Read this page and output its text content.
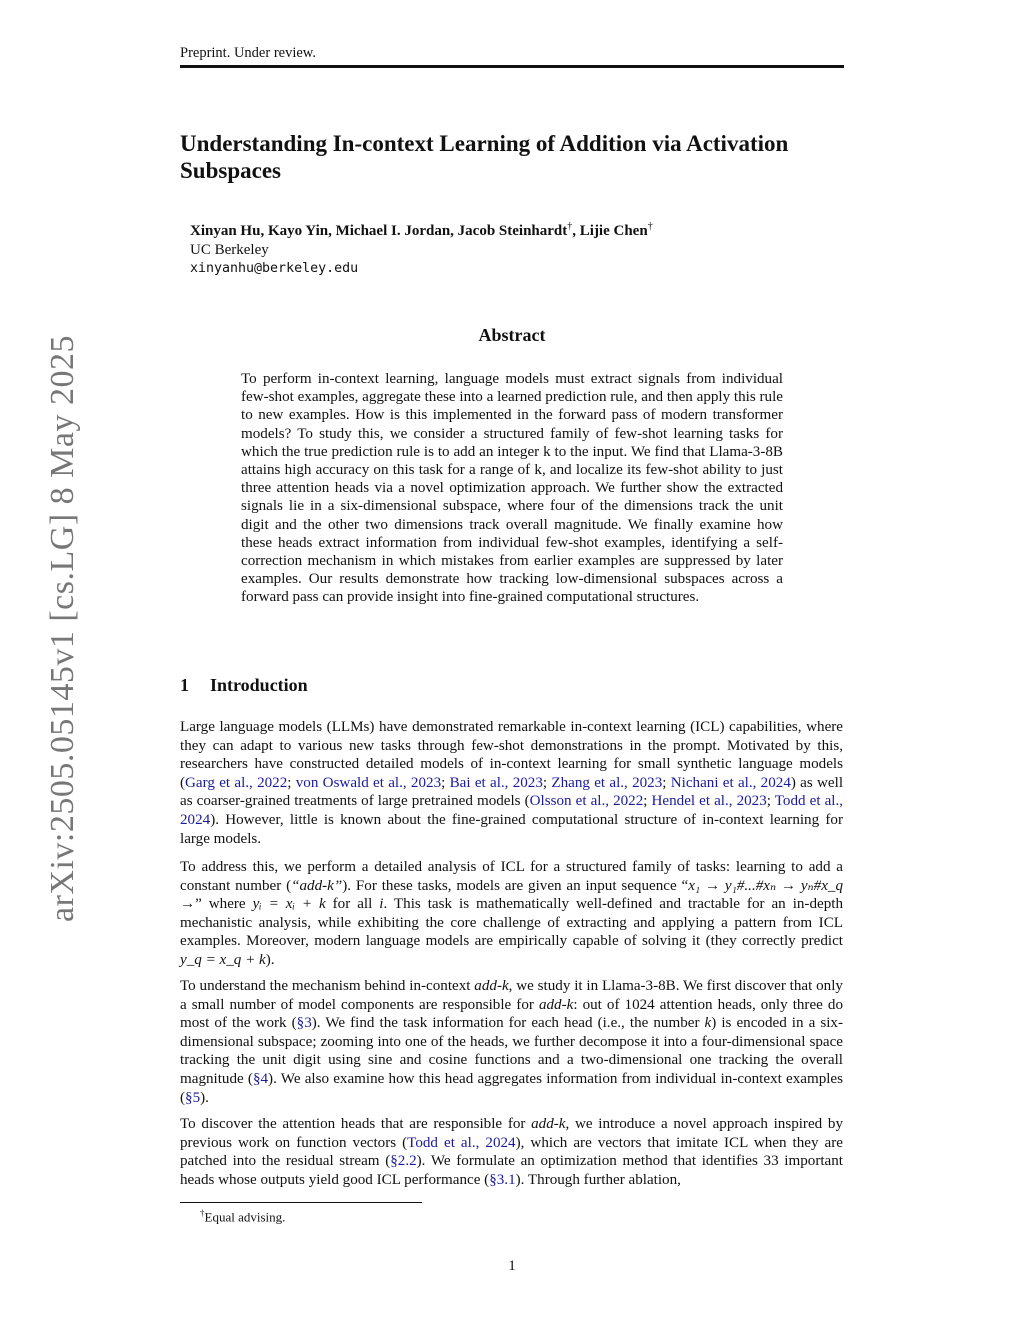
Preprint. Under review.
Understanding In-context Learning of Addition via Activation Subspaces
Xinyan Hu, Kayo Yin, Michael I. Jordan, Jacob Steinhardt†, Lijie Chen†
UC Berkeley
xinyanhu@berkeley.edu
Abstract
To perform in-context learning, language models must extract signals from individual few-shot examples, aggregate these into a learned prediction rule, and then apply this rule to new examples. How is this implemented in the forward pass of modern transformer models? To study this, we consider a structured family of few-shot learning tasks for which the true prediction rule is to add an integer k to the input. We find that Llama-3-8B attains high accuracy on this task for a range of k, and localize its few-shot ability to just three attention heads via a novel optimization approach. We further show the extracted signals lie in a six-dimensional subspace, where four of the dimensions track the unit digit and the other two dimensions track overall magnitude. We finally examine how these heads extract information from individual few-shot examples, identifying a self-correction mechanism in which mistakes from earlier examples are suppressed by later examples. Our results demonstrate how tracking low-dimensional subspaces across a forward pass can provide insight into fine-grained computational structures.
1 Introduction
Large language models (LLMs) have demonstrated remarkable in-context learning (ICL) capabilities, where they can adapt to various new tasks through few-shot demonstrations in the prompt. Motivated by this, researchers have constructed detailed models of in-context learning for small synthetic language models (Garg et al., 2022; von Oswald et al., 2023; Bai et al., 2023; Zhang et al., 2023; Nichani et al., 2024) as well as coarser-grained treatments of large pretrained models (Olsson et al., 2022; Hendel et al., 2023; Todd et al., 2024). However, little is known about the fine-grained computational structure of in-context learning for large models.
To address this, we perform a detailed analysis of ICL for a structured family of tasks: learning to add a constant number (“add-k”). For these tasks, models are given an input sequence “x₁ → y₁#...#xₙ → yₙ#x_q →” where yᵢ = xᵢ + k for all i. This task is mathematically well-defined and tractable for an in-depth mechanistic analysis, while exhibiting the core challenge of extracting and applying a pattern from ICL examples. Moreover, modern language models are empirically capable of solving it (they correctly predict y_q = x_q + k).
To understand the mechanism behind in-context add-k, we study it in Llama-3-8B. We first discover that only a small number of model components are responsible for add-k: out of 1024 attention heads, only three do most of the work (§3). We find the task information for each head (i.e., the number k) is encoded in a six-dimensional subspace; zooming into one of the heads, we further decompose it into a four-dimensional space tracking the unit digit using sine and cosine functions and a two-dimensional one tracking the overall magnitude (§4). We also examine how this head aggregates information from individual in-context examples (§5).
To discover the attention heads that are responsible for add-k, we introduce a novel approach inspired by previous work on function vectors (Todd et al., 2024), which are vectors that imitate ICL when they are patched into the residual stream (§2.2). We formulate an optimization method that identifies 33 important heads whose outputs yield good ICL performance (§3.1). Through further ablation,
†Equal advising.
1
arXiv:2505.05145v1 [cs.LG] 8 May 2025
